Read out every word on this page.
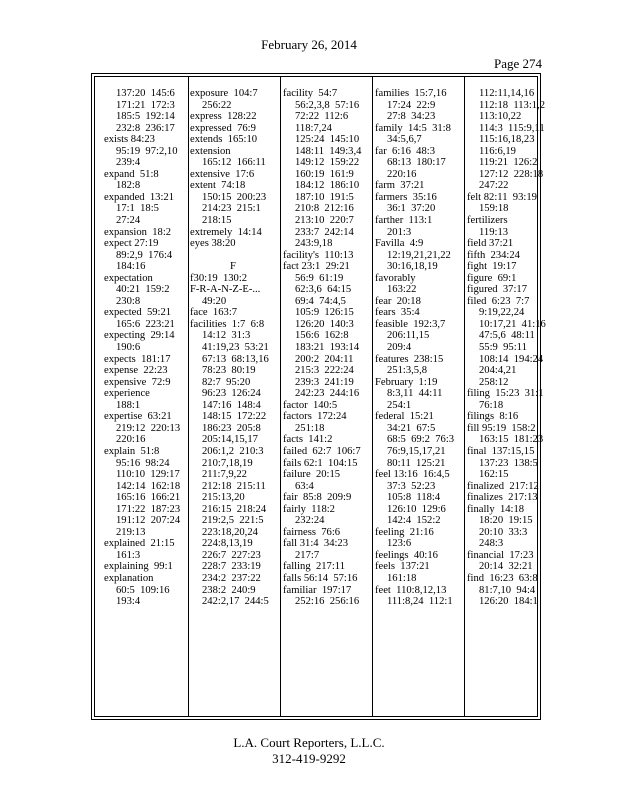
February 26, 2014
Page 274
137:20  145:6
171:21  172:3
185:5  192:14
232:8  236:17
exists 84:23
95:19  97:2,10
239:4
expand  51:8
182:8
expanded  13:21
17:1  18:5
27:24
expansion  18:2
expect 27:19
89:2,9  176:4
184:16
expectation
40:21  159:2
230:8
expected  59:21
165:6  223:21
expecting  29:14
190:6
expects  181:17
expense  22:23
expensive  72:9
experience
188:1
expertise  63:21
219:12  220:13
220:16
explain  51:8
95:16  98:24
110:10  129:17
142:14  162:18
165:16  166:21
171:22  187:23
191:12  207:24
219:13
explained  21:15
161:3
explaining  99:1
explanation
60:5  109:16
193:4
exposure  104:7
256:22
express  128:22
expressed  76:9
extends  165:10
extension
165:12  166:11
extensive  17:6
extent  74:18
150:15  200:23
214:23  215:1
218:15
extremely  14:14
eyes 38:20
F
f30:19  130:2
F-R-A-N-Z-E-...
49:20
face  163:7
facilities  1:7  6:8
14:12  31:3
41:19,23  53:21
67:13  68:13,16
78:23  80:19
82:7  95:20
96:23  126:24
147:16  148:4
148:15  172:22
186:23  205:8
205:14,15,17
206:1,2  210:3
210:7,18,19
211:7,9,22
212:18  215:11
215:13,20
216:15  218:24
219:2,5  221:5
223:18,20,24
224:8,13,19
226:7  227:23
228:7  233:19
234:2  237:22
238:2  240:9
242:2,17  244:5
facility  54:7
56:2,3,8  57:16
72:22  112:6
118:7,24
125:24  145:10
148:11  149:3,4
149:12  159:22
160:19  161:9
184:12  186:10
187:10  191:5
210:8  212:16
213:10  220:7
233:7  242:14
243:9,18
facility's  110:13
fact 23:1  29:21
56:9  61:19
62:3,6  64:15
69:4  74:4,5
105:9  126:15
126:20  140:3
156:6  162:8
183:21  193:14
200:2  204:11
215:3  222:24
239:3  241:19
242:23  244:16
factor  140:5
factors  172:24
251:18
facts  141:2
failed  62:7  106:7
fails 62:1  104:15
failure  20:15
63:4
fair  85:8  209:9
fairly  118:2
232:24
fairness  76:6
fall 31:4  34:23
217:7
falling  217:11
falls 56:14  57:16
familiar  197:17
252:16  256:16
families  15:7,16
17:24  22:9
27:8  34:23
family  14:5  31:8
34:5,6,7
far  6:16  48:3
68:13  180:17
220:16
farm  37:21
farmers  35:16
36:1  37:20
farther  113:1
201:3
Favilla  4:9
12:19,21,21,22
30:16,18,19
favorably
163:22
fear  20:18
fears  35:4
feasible  192:3,7
206:11,15
209:4
features  238:15
251:3,5,8
February  1:19
8:3,11  44:11
254:1
federal  15:21
34:21  67:5
68:5  69:2  76:3
76:9,15,17,21
80:11  125:21
feel 13:16  16:4,5
37:3  52:23
105:8  118:4
126:10  129:6
142:4  152:2
feeling  21:16
123:6
feelings  40:16
feels  137:21
161:18
feet  110:8,12,13
111:8,24  112:1
112:11,14,16
112:18  113:1,2
113:10,22
114:3  115:9,11
115:16,18,23
116:6,19
119:21  126:2
127:12  228:18
247:22
felt 82:11  93:19
159:18
fertilizers
119:13
field 37:21
fifth  234:24
fight  19:17
figure  69:1
figured  37:17
filed  6:23  7:7
9:19,22,24
10:17,21  41:16
47:5,6  48:11
55:9  95:11
108:14  194:24
204:4,21
258:12
filing  15:23  31:1
76:18
filings  8:16
fill 95:19  158:2
163:15  181:23
final  137:15,15
137:23  138:5
162:15
finalized  217:12
finalizes  217:13
finally  14:18
18:20  19:15
20:10  33:3
248:3
financial  17:23
20:14  32:21
find  16:23  63:8
81:7,10  94:4
126:20  184:1
L.A. Court Reporters, L.L.C.
312-419-9292
